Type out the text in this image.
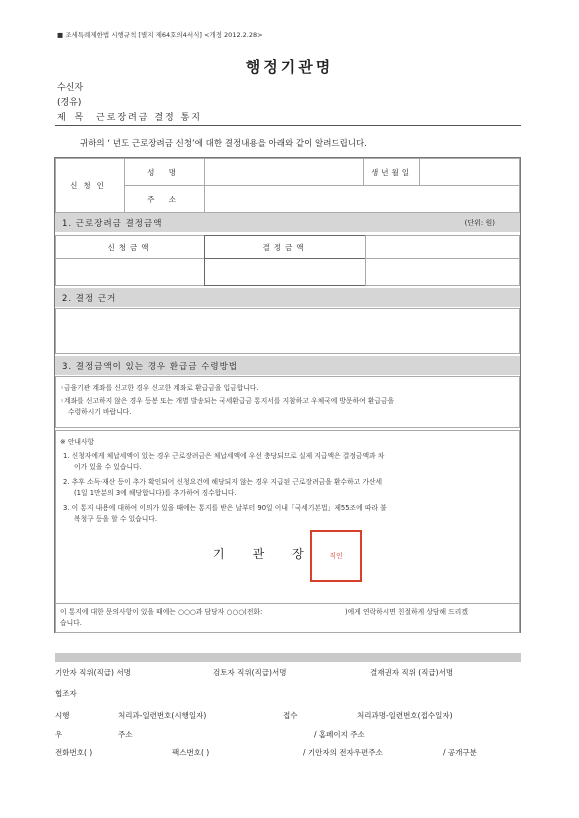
■ 조세특례제한법 시행규칙 [별지 제64호의4서식] <개정 2012.2.28>
행정기관명
수신자
(경유)
제 목 근로장려금 결정 통지
귀하의 ‘ 년도 근로장려금 신청’에 대한 결정내용을 아래와 같이 알려드립니다.
신청인
성 명	생년월일
주 소
1. 근로장려금 결정금액	(단위: 원)
신청금액	결정금액
2. 결정 근거
3. 결정금액이 있는 경우 환급금 수령방법
◦금융기관 계좌를 신고한 경우 신고한 계좌로 환급금을 입금합니다.
◦계좌를 신고하지 않은 경우 등봉 또는 개별 발송되는 국세환급금 통지서를 지참하고 우체국에 방문하여 환급금을
수령하시기 바랍니다.
※ 안내사항
1. 신청자에게 체납세액이 있는 경우 근로장려금은 체납세액에 우선 충당되므로 실제 지급액은 결정금액과 차
이가 있을 수 있습니다.
2. 추후 소득·재산 등이 추가 확인되어 신청요건에 해당되지 않는 경우 지급된 근로장려금을 환수하고 가산세
(1일 1만분의 3에 해당합니다)를 추가하여 징수합니다.
3. 이 통지 내용에 대하여 이의가 있을 때에는 통지를 받은 날부터 90일 이내「국세기본법」제55조에 따라 불
복청구 등을 할 수 있습니다.
기관장
직인
이 통지에 대한 문의사항이 있을 때에는 ○○○과 담당자 ○○○(전화:	)에게 연락하시면 친절하게 상담해 드리겠
습니다.
기안자 직위(직급) 서명	검토자 직위(직급)서명	결재권자 직위 (직급)서명
협조자
시행	처리과-일련번호(시행일자)	접수	처리과명-일련번호(접수일자)
우	주소	/ 홈페이지 주소
전화번호( )	팩스번호( )	/ 기안자의 전자우편주소	/ 공개구분
